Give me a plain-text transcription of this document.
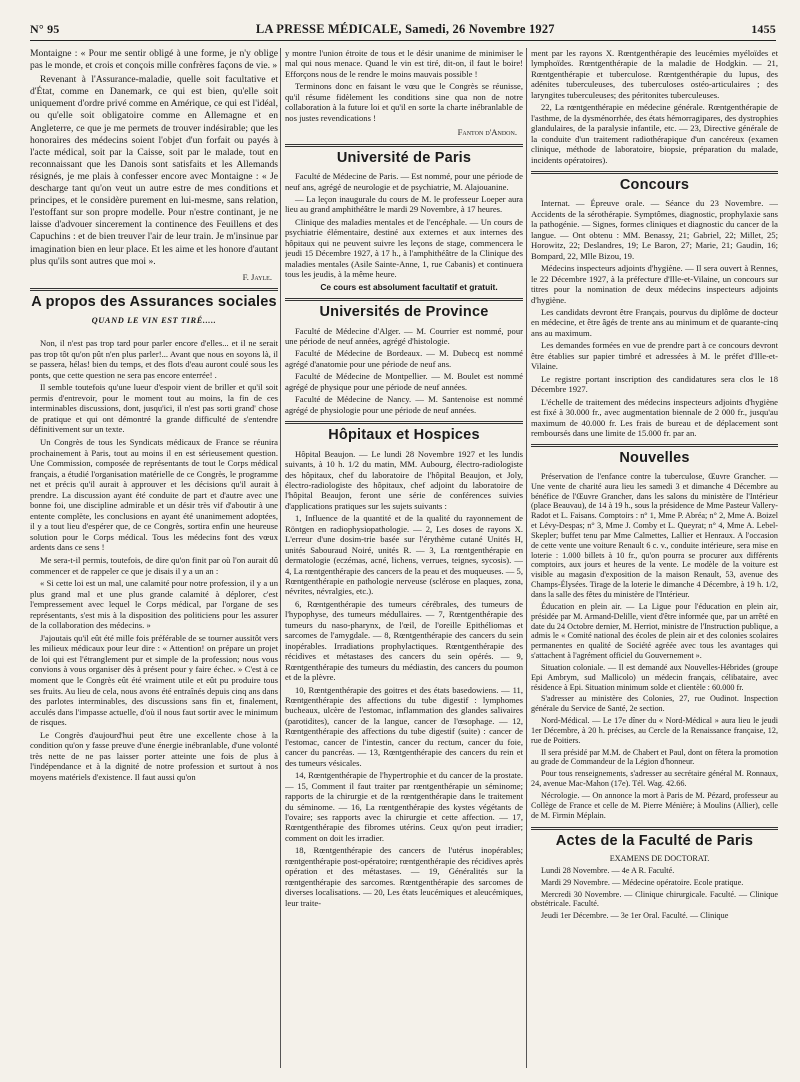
N° 95	LA PRESSE MÉDICALE, Samedi, 26 Novembre 1927	1455

Montaigne : « Pour me sentir obligé à une forme, je n'y oblige pas le monde, et crois et conçois mille confrères façons de vie. »

Revenant à l'Assurance-maladie, quelle soit facultative et d'État, comme en Danemark, ce qui est bien, qu'elle soit uniquement d'ordre privé comme en Amérique, ce qui est l'idéal, ou qu'elle soit obligatoire comme en Allemagne et en Angleterre, ce que je me permets de trouver indésirable; que les honoraires des médecins soient l'objet d'un forfait ou payés à l'acte médical, soit par la Caisse, soit par le malade, tout en reconnaissant que les Danois sont satisfaits et les Allemands résignés, je me plais à confesser encore avec Montaigne : « Je descharge tant qu'on veut un autre estre de mes conditions et principes, et le considère purement en lui-mesme, sans relation, l'estoffant sur son propre modelle. Pour n'estre continant, je ne laisse d'advouer sincerement la continence des Feuillens et des Capuchins : et de bien treuver l'air de leur train. Je m'insinue par imagination bien en leur place. Et les aime et les honore d'autant plus qu'ils sont autres que moi ».

F. Jayle.
A propos des Assurances sociales
QUAND LE VIN EST TIRÉ.....

Non, il n'est pas trop tard pour parler encore d'elles... et il ne serait pas trop tôt qu'on pût n'en plus parler!... Avant que nous en soyons là, il se passera, hélas! bien du temps, et des flots d'eau auront coulé sous les ponts, que cette question ne sera pas encore enterrée! .

Il semble toutefois qu'une lueur d'espoir vient de briller et qu'il soit permis d'entrevoir, pour le moment tout au moins, la fin de ces interminables discussions, dont, jusqu'ici, il n'est pas sorti grand' chose de pratique et qui ont démontré la grande difficulté de s'entendre définitivement sur un texte.

Un Congrès de tous les Syndicats médicaux de France se réunira prochainement à Paris, tout au moins il en est sérieusement question. Une Commission, composée de représentants de tout le Corps médical français, a étudié l'organisation matérielle de ce Congrès, le programme net et précis qu'il aurait à approuver et les décisions qu'il aurait à prendre. La discussion ayant été conduite de part et d'autre avec une bonne foi, une discipline admirable et un désir très vif d'aboutir à une entente complète, les conclusions en ayant été unanimement adoptées, il y a tout lieu d'espérer que, de ce Congrès, sortira enfin une heureuse solution pour le Corps médical. Tous les médecins font des vœux ardents dans ce sens !

Me sera-t-il permis, toutefois, de dire qu'on finit par où l'on aurait dû commencer et de rappeler ce que je disais il y a un an :

« Si cette loi est un mal, une calamité pour notre profession, il y a un plus grand mal et une plus grande calamité à déplorer, c'est l'empressement avec lequel le Corps médical, par l'organe de ses représentants, s'est mis à la disposition des politiciens pour les assurer de la collaboration des médecins. »

J'ajoutais qu'il eût été mille fois préférable de se tourner aussitôt vers les milieux médicaux pour leur dire : « Attention! on prépare un projet de loi qui est l'étranglement pur et simple de la profession; nous vous convions à vous organiser dès à présent pour y faire échec. » C'est à ce moment que le Congrès eût été vraiment utile et eût pu produire tous ses fruits. Au lieu de cela, nous avons été entraînés depuis cinq ans dans des parlotes interminables, des discussions sans fin et, finalement, acculés dans l'impasse actuelle, d'où il nous faut sortir avec le minimum de risques.

Le Congrès d'aujourd'hui peut être une excellente chose à la condition qu'on y fasse preuve d'une énergie inébranlable, d'une volonté très nette de ne pas laisser porter atteinte une fois de plus à l'indépendance et à la dignité de notre profession et surtout à nos moyens matériels d'existence. Il faut aussi qu'on

y montre l'union étroite de tous et le désir unanime de minimiser le mal qui nous menace. Quand le vin est tiré, dit-on, il faut le boire! Efforçons nous de le rendre le moins mauvais possible !

Terminons donc en faisant le vœu que le Congrès se réunisse, qu'il résume fidèlement les conditions sine qua non de notre collaboration à la future loi et qu'il en sorte la charte inébranlable de nos justes revendications !

Fanton d'Andon.
Université de Paris

Faculté de Médecine de Paris. — Est nommé, pour une période de neuf ans, agrégé de neurologie et de psychiatrie, M. Alajouanine.

— La leçon inaugurale du cours de M. le professeur Loeper aura lieu au grand amphithéâtre le mardi 29 Novembre, à 17 heures.

Clinique des maladies mentales et de l'encéphale. — Un cours de psychiatrie élémentaire, destiné aux externes et aux internes des hôpitaux qui ne peuvent suivre les leçons de stage, commencera le jeudi 15 Décembre 1927, à 17 h., à l'amphithéâtre de la Clinique des maladies mentales (Asile Sainte-Anne, 1, rue Cabanis) et continuera tous les jeudis, à la même heure.

Ce cours est absolument facultatif et gratuit.

Universités de Province

Faculté de Médecine d'Alger. — M. Courrier est nommé, pour une période de neuf années, agrégé d'histologie.

Faculté de Médecine de Bordeaux. — M. Dubecq est nommé agrégé d'anatomie pour une période de neuf ans.

Faculté de Médecine de Montpellier. — M. Boulet est nommé agrégé de physique pour une période de neuf années.

Faculté de Médecine de Nancy. — M. Santenoise est nommé agrégé de physiologie pour une période de neuf années.

Hôpitaux et Hospices

Hôpital Beaujon. — Le lundi 28 Novembre 1927 et les lundis suivants, à 10 h. 1/2 du matin, MM. Aubourg, électro-radiologiste des hôpitaux, chef du laboratoire de l'hôpital Beaujon, et Joly, électro-radiologiste des hôpitaux, chef adjoint du laboratoire de l'hôpital Beaujon, feront une série de conférences suivies d'applications pratiques sur les sujets suivants :

1, Influence de la quantité et de la qualité du rayonnement de Röntgen en radiophysiopathologie. — 2, Les doses de rayons X. L'erreur d'une dosim-trie basée sur l'érythème cutané Unités H, unités Sabouraud Noiré, unités R. — 3, La rœntgenthérapie en dermatologie (eczémas, acné, lichens, verrues, teignes, sycosis). — 4, La rœntgenthérapie des cancers de la peau et des muqueuses. — 5, Rœntgenthérapie en pathologie nerveuse (sclérose en plaques, zona, névrites, névralgies, etc.).

6, Rœntgenthérapie des tumeurs cérébrales, des tumeurs de l'hypophyse, des tumeurs médullaires. — 7, Rœntgenthérapie des tumeurs du naso-pharynx, de l'œil, de l'oreille Epithéliomas et sarcomes de l'amygdale. — 8, Rœntgenthérapie des cancers du sein inopérables. Irradiations prophylactiques. Rœntgenthérapie des récidives et métastases des cancers du sein opérés. — 9, Rœntgenthérapie des tumeurs du médiastin, des cancers du poumon et de la plèvre.

10, Rœntgenthérapie des goitres et des états basedowiens. — 11, Rœntgenthérapie des affections du tube digestif : lymphomes bucheaux, ulcère de l'estomac, inflammation des glandes salivaires (parotidites), cancer de la langue, cancer de l'œsophage. — 12, Rœntgenthérapie des affections du tube digestif (suite) : cancer de l'estomac, cancer de l'intestin, cancer du rectum, cancer du foie, cancer du pancréas. — 13, Rœntgenthérapie des cancers du rein et des tumeurs vésicales.

14, Rœntgenthérapie de l'hypertrophie et du cancer de la prostate. — 15, Comment il faut traiter par rœntgenthérapie un séminome; rapports de la chirurgie et de la rœntgenthérapie dans le traitement du séminome. — 16, La rœntgenthérapie des kystes végétants de l'ovaire; ses rapports avec la chirurgie et cette affection. — 17, Rœntgenthérapie des fibromes utérins. Ceux qu'on peut irradier; comment on doit les irradier.

18, Rœntgenthérapie des cancers de l'utérus inopérables; rœntgenthérapie post-opératoire; rœntgenthérapie des récidives après opération et des métastases. — 19, Généralités sur la rœntgenthérapie des sarcomes. Rœntgenthérapie des sarcomes de diverses localisations. — 20, Les états leucémiques et aleucémiques, leur traite-

ment par les rayons X. Rœntgenthérapie des leucémies myéloïdes et lymphoïdes. Rœntgenthérapie de la maladie de Hodgkin. — 21, Rœntgenthérapie et tuberculose. Rœntgenthérapie du lupus, des adénites tuberculeuses, des tuberculoses ostéo-articulaires ; des laryngites tuberculeuses; des péritonites tuberculeuses.

22, La rœntgenthérapie en médecine générale. Rœntgenthérapie de l'asthme, de la dysménorrhée, des états hémorragipares, des dystrophies glandulaires, de la paralysie infantile, etc. — 23, Directive générale de la conduite d'un traitement radiothérapique d'un cancéreux (examen clinique, méthode de laboratoire, biopsie, préparation du malade, incidents opératoires).

Concours

Internat. — Épreuve orale. — Séance du 23 Novembre. — Accidents de la sérothérapie. Symptômes, diagnostic, prophylaxie sans la pathogénie. — Signes, formes cliniques et diagnostic du cancer de la langue. — Ont obtenu : MM. Benassy, 21; Gabriel, 22; Millet, 25; Horowitz, 22; Deslandres, 19; Le Baron, 27; Marie, 21; Gaudin, 16; Bompard, 22, Mlle Bizou, 19.

Médecins inspecteurs adjoints d'hygiène. — Il sera ouvert à Rennes, le 22 Décembre 1927, à la préfecture d'Ille-et-Vilaine, un concours sur titres pour la nomination de deux médecins inspecteurs adjoints d'hygiène.

Les candidats devront être Français, pourvus du diplôme de docteur en médecine, et être âgés de trente ans au minimum et de quarante-cinq ans au maximum.

Les demandes formées en vue de prendre part à ce concours devront être établies sur papier timbré et adressées à M. le préfet d'Ille-et-Vilaine.

Le registre portant inscription des candidatures sera clos le 18 Décembre 1927.

L'échelle de traitement des médecins inspecteurs adjoints d'hygiène est fixé à 30.000 fr., avec augmentation biennale de 2 000 fr., jusqu'au maximum de 40.000 fr. Les frais de bureau et de déplacement sont remboursés dans une limite de 15.000 fr. par an.

Nouvelles

Préservation de l'enfance contre la tuberculose, Œuvre Grancher. — Une vente de charité aura lieu les samedi 3 et dimanche 4 Décembre au bénéfice de l'Œuvre Grancher, dans les salons du ministère de l'Intérieur (place Beauvau), de 14 à 19 h., sous la présidence de Mme Pasteur Vallery-Radot et L. Faisans. Comptoirs : n° 1, Mme P. Abréa; n° 2, Mme A. Boizel et Lévy-Despas; n° 3, Mme J. Comby et L. Queyrat; n° 4, Mme A. Lebel-Skepler; buffet tenu par Mme Calmettes, Lallier et Henraux. A l'occasion de cette vente une voiture Renault 6 c. v., conduite intérieure, sera mise en loterie : 1.000 billets à 10 fr., qu'on pourra se procurer aux différents comptoirs, aux jours et heures de la vente. Le modèle de la voiture est visible au magasin d'exposition de la maison Renault, 53, avenue des Champs-Élysées. Tirage de la loterie le dimanche 4 Décembre, à 19 h. 1/2, dans la salle des fêtes du ministère de l'Intérieur.

Éducation en plein air. — La Ligue pour l'éducation en plein air, présidée par M. Armand-Delille, vient d'être informée que, par un arrêté en date du 24 Octobre dernier, M. Herriot, ministre de l'Instruction publique, a admis le « Comité national des écoles de plein air et des colonies scolaires permanentes en qualité de Société agréée avec tous les avantages qui s'attachent à l'agrément officiel du Gouvernement ».

Situation coloniale. — Il est demandé aux Nouvelles-Hébrides (groupe Epi Ambrym, sud Mallicolo) un médecin français, célibataire, avec résidence à Epi. Situation minimum solde et clientèle : 60.000 fr.

S'adresser au ministère des Colonies, 27, rue Oudinot. Inspection générale du Service de Santé, 2e section.

Nord-Médical. — Le 17e dîner du « Nord-Médical » aura lieu le jeudi 1er Décembre, à 20 h. précises, au Cercle de la Renaissance française, 12, rue de Poitiers.

Il sera présidé par M.M. de Chabert et Paul, dont on fêtera la promotion au grade de Commandeur de la Légion d'honneur.

Pour tous renseignements, s'adresser au secrétaire général M. Ronnaux, 24, avenue Mac-Mahon (17e). Tél. Wag. 42.66.

Nécrologie. — On annonce la mort à Paris de M. Pézard, professeur au Collège de France et celle de M. Pierre Ménière; à Moulins (Allier), celle de M. Firmin Méplain.

Actes de la Faculté de Paris

EXAMENS DE DOCTORAT.

Lundi 28 Novembre. — 4e A R. Faculté.

Mardi 29 Novembre. — Médecine opératoire. Ecole pratique.

Mercredi 30 Novembre. — Clinique chirurgicale. Faculté. — Clinique obstétricale. Faculté.

Jeudi 1er Décembre. — 3e 1er Oral. Faculté. — Clinique
